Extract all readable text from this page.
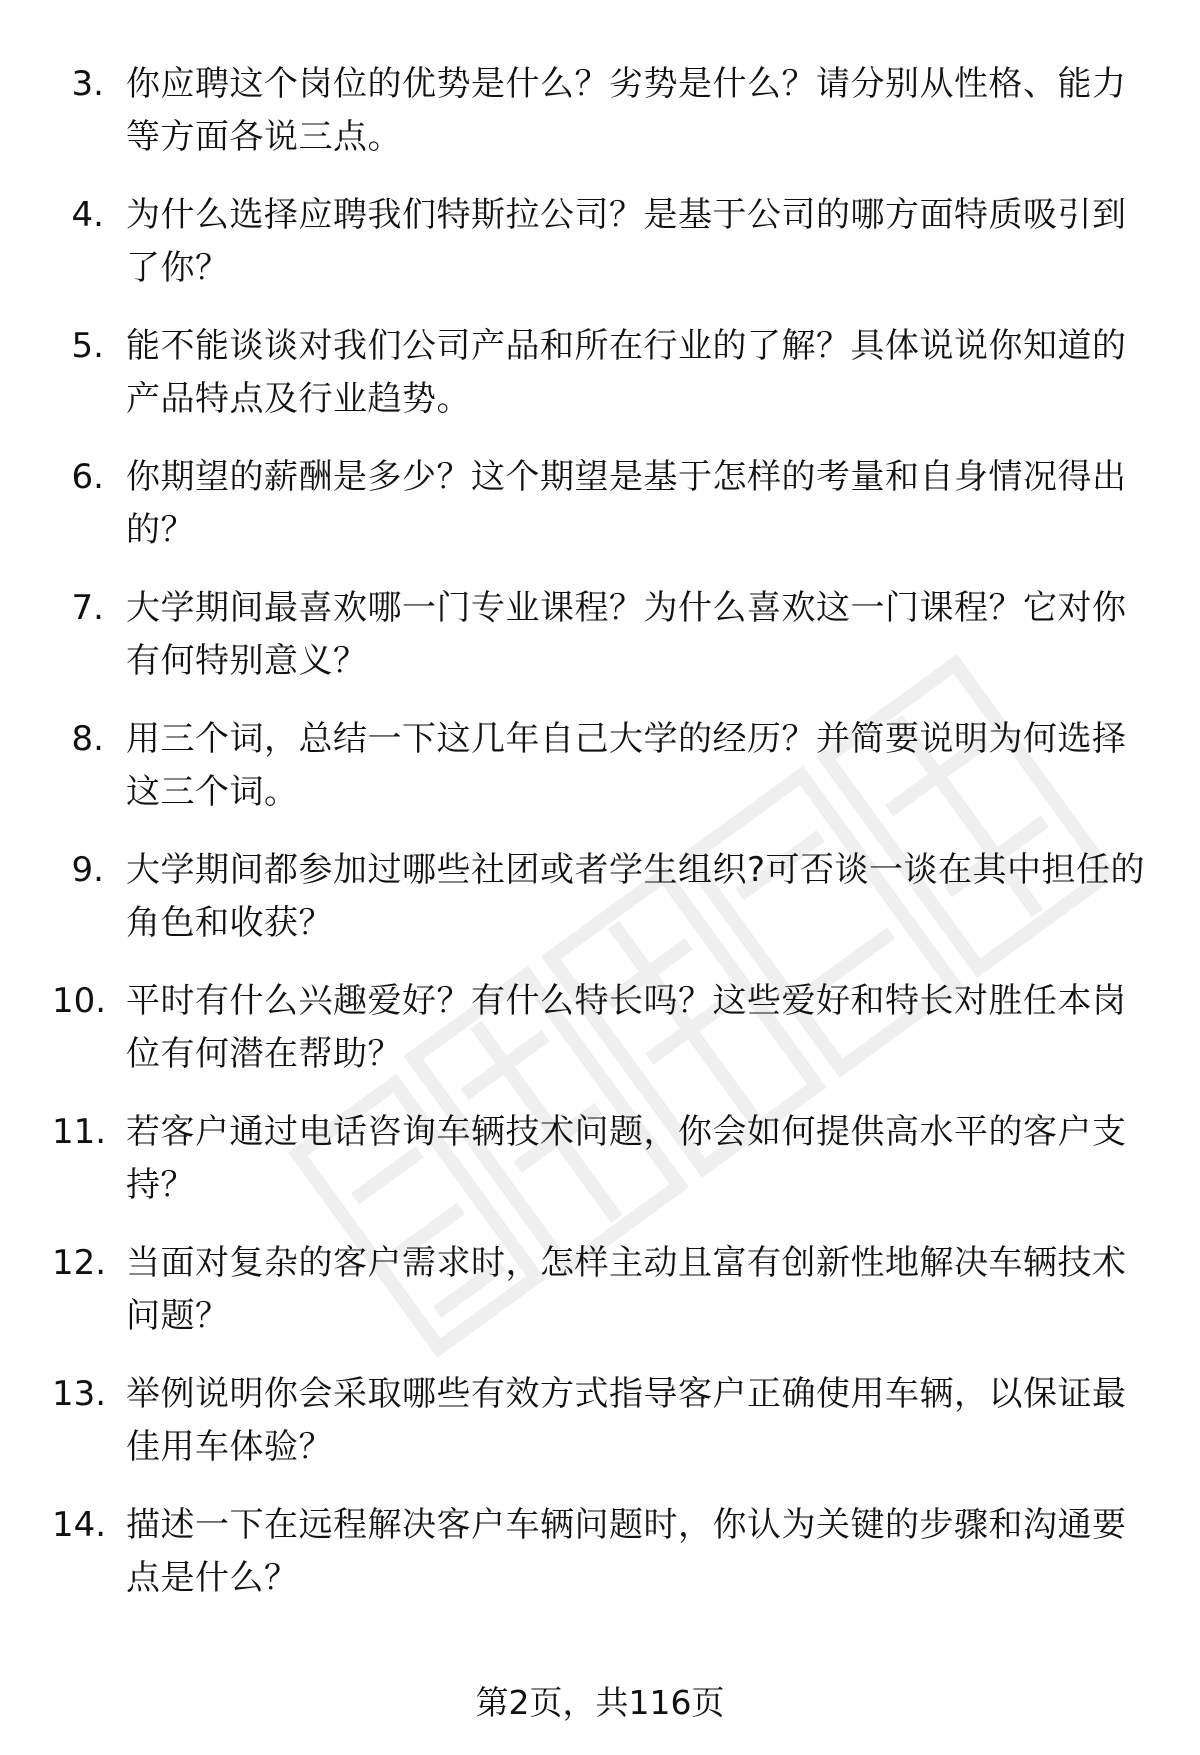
3. 你应聘这个岗位的优势是什么？劣势是什么？请分别从性格、能力等方面各说三点。
4. 为什么选择应聘我们特斯拉公司？是基于公司的哪方面特质吸引到了你？
5. 能不能谈谈对我们公司产品和所在行业的了解？具体说说你知道的产品特点及行业趋势。
6. 你期望的薪酬是多少？这个期望是基于怎样的考量和自身情况得出的？
7. 大学期间最喜欢哪一门专业课程？为什么喜欢这一门课程？它对你有何特别意义？
8. 用三个词，总结一下这几年自己大学的经历？并简要说明为何选择这三个词。
9. 大学期间都参加过哪些社团或者学生组织?可否谈一谈在其中担任的角色和收获？
10. 平时有什么兴趣爱好？有什么特长吗？这些爱好和特长对胜任本岗位有何潜在帮助？
11. 若客户通过电话咨询车辆技术问题，你会如何提供高水平的客户支持？
12. 当面对复杂的客户需求时，怎样主动且富有创新性地解决车辆技术问题？
13. 举例说明你会采取哪些有效方式指导客户正确使用车辆，以保证最佳用车体验？
14. 描述一下在远程解决客户车辆问题时，你认为关键的步骤和沟通要点是什么？
第2页，共116页
